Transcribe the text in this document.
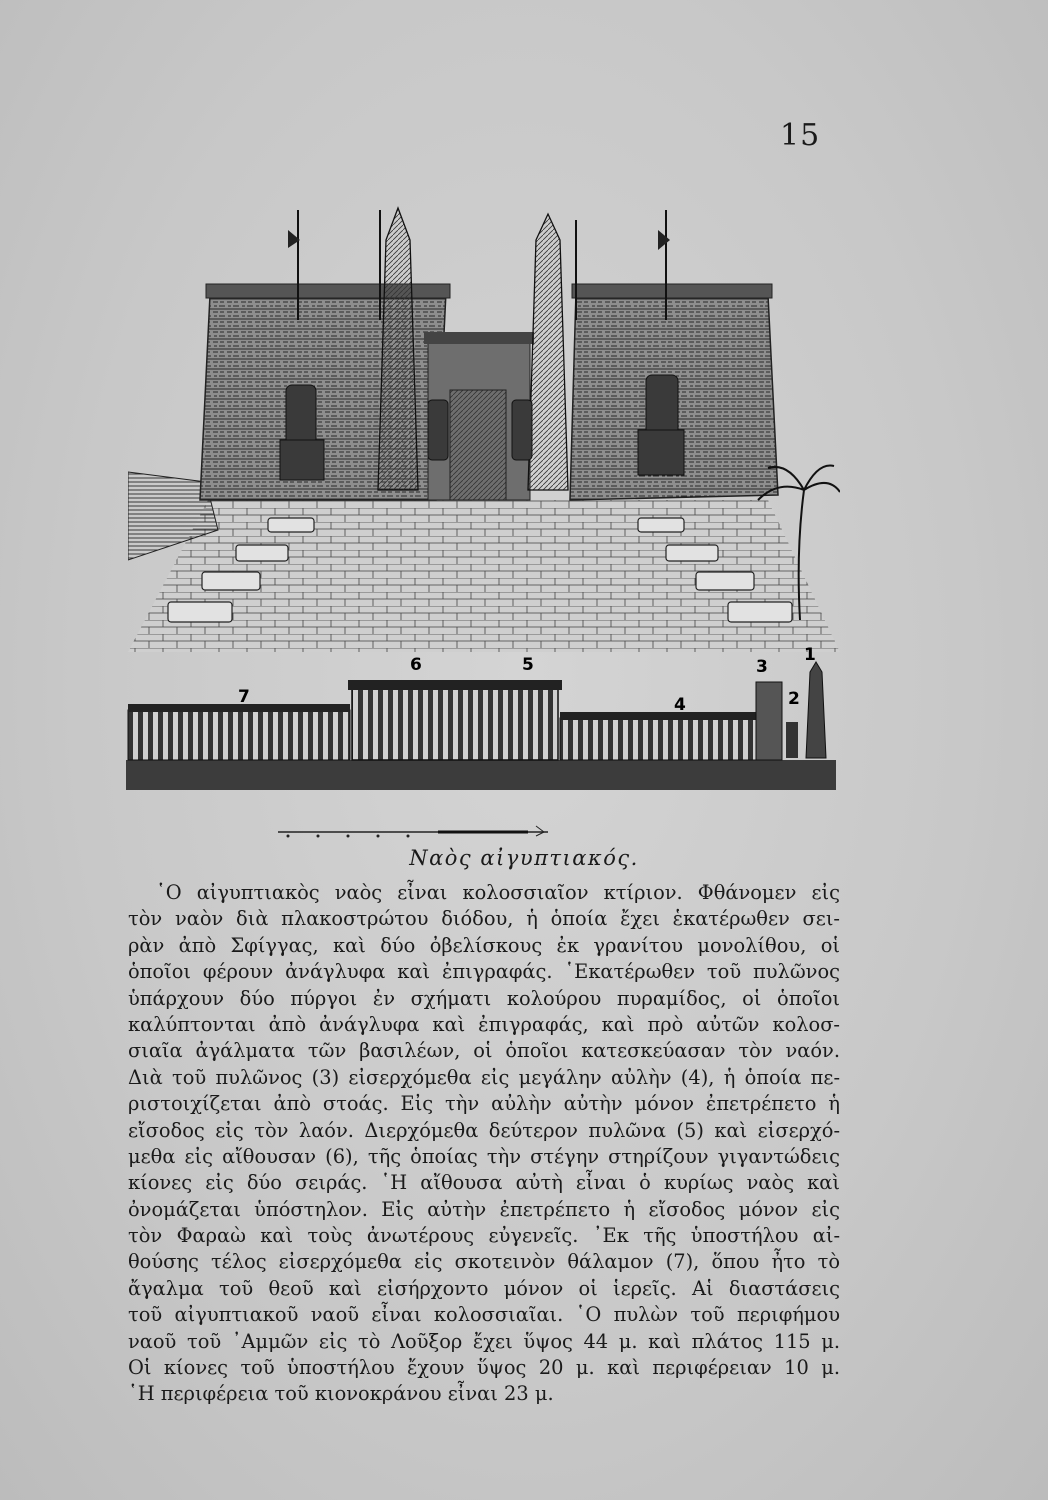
15
1
2
3
4
5
6
7
Ναὸς αἰγυπτιακός.
῾Ο αἰγυπτιακὸς ναὸς εἶναι κολοσσιαῖον κτίριον. Φθάνομεν εἰς
τὸν ναὸν διὰ πλακοστρώτου διόδου, ἡ ὁποία ἔχει ἑκατέρωθεν σει-
ρὰν ἀπὸ Σφίγγας, καὶ δύο ὀβελίσκους ἐκ γρανίτου μονολίθου, οἱ
ὁποῖοι φέρουν ἀνάγλυφα καὶ ἐπιγραφάς. ῾Εκατέρωθεν τοῦ πυλῶνος
ὑπάρχουν δύο πύργοι ἐν σχήματι κολούρου πυραμίδος, οἱ ὁποῖοι
καλύπτονται ἀπὸ ἀνάγλυφα καὶ ἐπιγραφάς, καὶ πρὸ αὐτῶν κολοσ-
σιαῖα ἀγάλματα τῶν βασιλέων, οἱ ὁποῖοι κατεσκεύασαν τὸν ναόν.
Διὰ τοῦ πυλῶνος (3) εἰσερχόμεθα εἰς μεγάλην αὐλὴν (4), ἡ ὁποία πε-
ριστοιχίζεται ἀπὸ στοάς. Εἰς τὴν αὐλὴν αὐτὴν μόνον ἐπετρέπετο ἡ
εἴσοδος εἰς τὸν λαόν. Διερχόμεθα δεύτερον πυλῶνα (5) καὶ εἰσερχό-
μεθα εἰς αἴθουσαν (6), τῆς ὁποίας τὴν στέγην στηρίζουν γιγαντώδεις
κίονες εἰς δύο σειράς. ῾Η αἴθουσα αὐτὴ εἶναι ὁ κυρίως ναὸς καὶ
ὀνομάζεται ὑπόστηλον. Εἰς αὐτὴν ἐπετρέπετο ἡ εἴσοδος μόνον εἰς
τὸν Φαραὼ καὶ τοὺς ἀνωτέρους εὐγενεῖς. ᾿Εκ τῆς ὑποστήλου αἰ-
θούσης τέλος εἰσερχόμεθα εἰς σκοτεινὸν θάλαμον (7), ὅπου ἦτο τὸ
ἄγαλμα τοῦ θεοῦ καὶ εἰσήρχοντο μόνον οἱ ἱερεῖς. Αἱ διαστάσεις
τοῦ αἰγυπτιακοῦ ναοῦ εἶναι κολοσσιαῖαι. ῾Ο πυλὼν τοῦ περιφήμου
ναοῦ τοῦ ᾿Αμμῶν εἰς τὸ Λοῦξορ ἔχει ὕψος 44 μ. καὶ πλάτος 115 μ.
Οἱ κίονες τοῦ ὑποστήλου ἔχουν ὕψος 20 μ. καὶ περιφέρειαν 10 μ.
῾Η περιφέρεια τοῦ κιονοκράνου εἶναι 23 μ.
